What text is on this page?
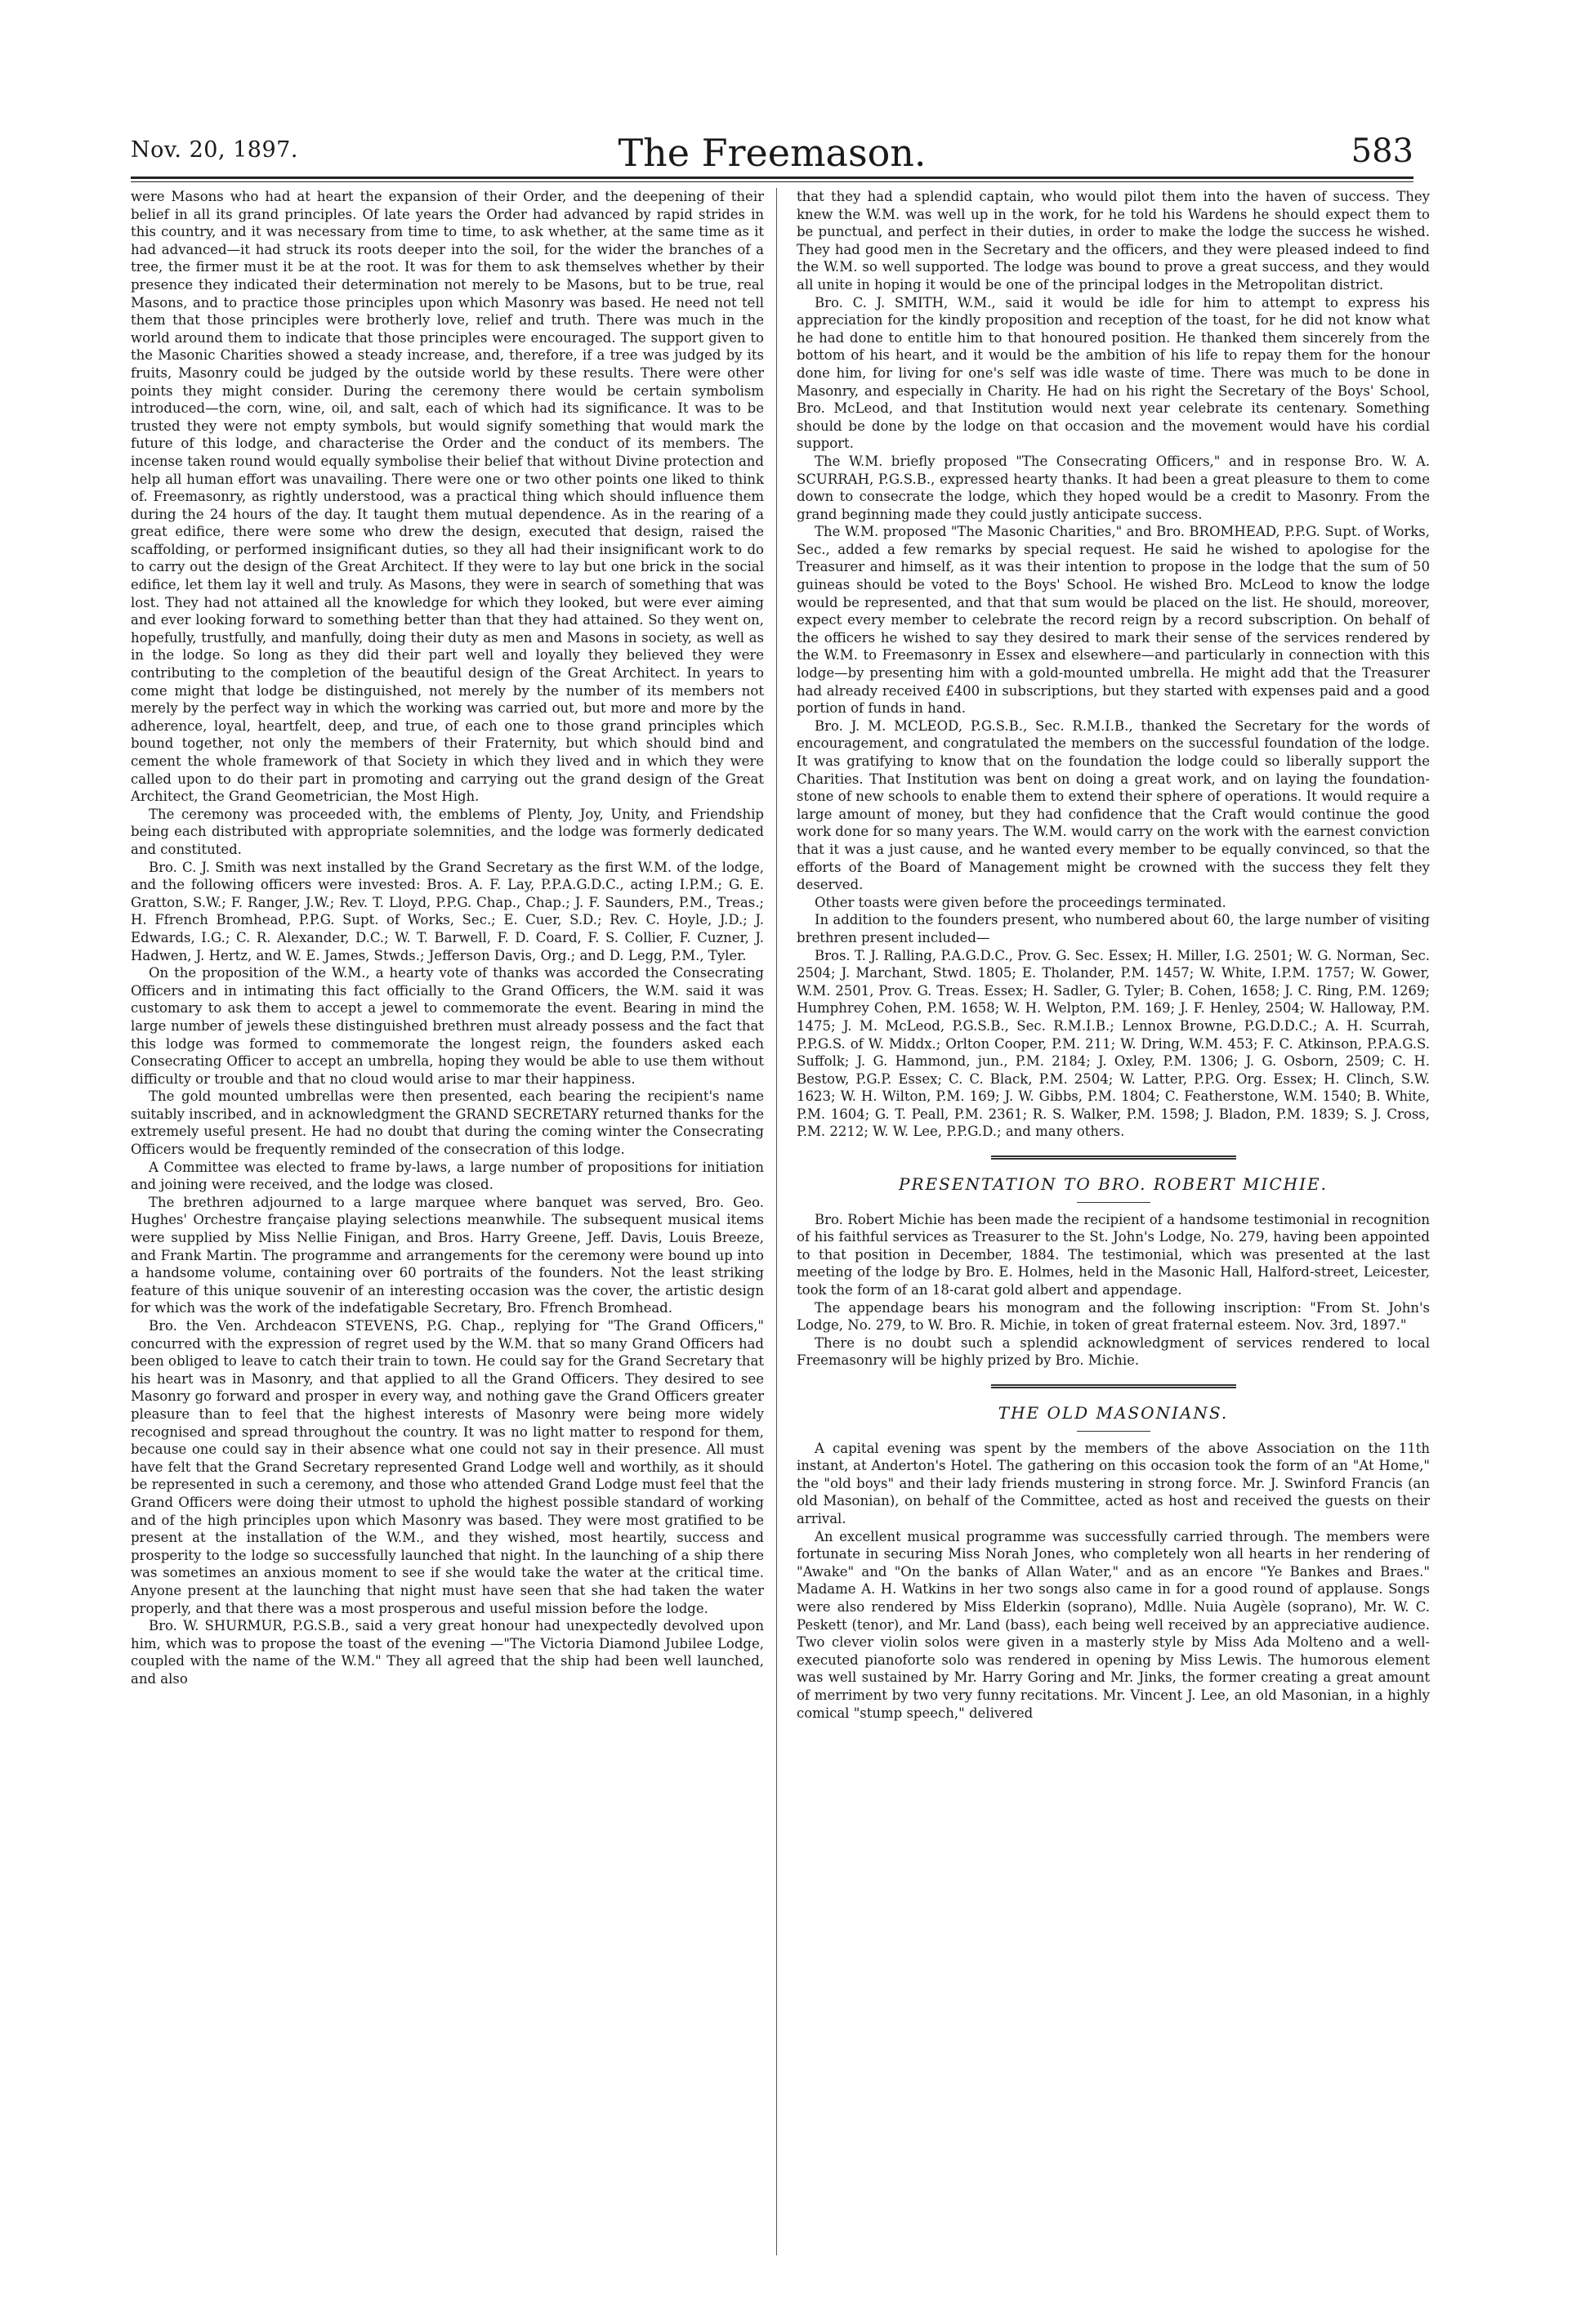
Nov. 20, 1897.	The Freemason.	583

were Masons who had at heart the expansion of their Order, and the deepening of their belief in all its grand principles. Of late years the Order had advanced by rapid strides in this country, and it was necessary from time to time, to ask whether, at the same time as it had advanced—it had struck its roots deeper into the soil, for the wider the branches of a tree, the firmer must it be at the root. It was for them to ask themselves whether by their presence they indicated their determination not merely to be Masons, but to be true, real Masons, and to practice those principles upon which Masonry was based. He need not tell them that those principles were brotherly love, relief and truth. There was much in the world around them to indicate that those principles were encouraged. The support given to the Masonic Charities showed a steady increase, and, therefore, if a tree was judged by its fruits, Masonry could be judged by the outside world by these results. There were other points they might consider. During the ceremony there would be certain symbolism introduced—the corn, wine, oil, and salt, each of which had its significance. It was to be trusted they were not empty symbols, but would signify something that would mark the future of this lodge, and characterise the Order and the conduct of its members. The incense taken round would equally symbolise their belief that without Divine protection and help all human effort was unavailing. There were one or two other points one liked to think of. Freemasonry, as rightly understood, was a practical thing which should influence them during the 24 hours of the day. It taught them mutual dependence. As in the rearing of a great edifice, there were some who drew the design, executed that design, raised the scaffolding, or performed insignificant duties, so they all had their insignificant work to do to carry out the design of the Great Architect. If they were to lay but one brick in the social edifice, let them lay it well and truly. As Masons, they were in search of something that was lost. They had not attained all the knowledge for which they looked, but were ever aiming and ever looking forward to something better than that they had attained. So they went on, hopefully, trustfully, and manfully, doing their duty as men and Masons in society, as well as in the lodge. So long as they did their part well and loyally they believed they were contributing to the completion of the beautiful design of the Great Architect. In years to come might that lodge be distinguished, not merely by the number of its members not merely by the perfect way in which the working was carried out, but more and more by the adherence, loyal, heartfelt, deep, and true, of each one to those grand principles which bound together, not only the members of their Fraternity, but which should bind and cement the whole framework of that Society in which they lived and in which they were called upon to do their part in promoting and carrying out the grand design of the Great Architect, the Grand Geometrician, the Most High.

The ceremony was proceeded with, the emblems of Plenty, Joy, Unity, and Friendship being each distributed with appropriate solemnities, and the lodge was formerly dedicated and constituted.

Bro. C. J. Smith was next installed by the Grand Secretary as the first W.M. of the lodge, and the following officers were invested: Bros. A. F. Lay, P.P.A.G.D.C., acting I.P.M.; G. E. Gratton, S.W.; F. Ranger, J.W.; Rev. T. Lloyd, P.P.G. Chap., Chap.; J. F. Saunders, P.M., Treas.; H. Ffrench Bromhead, P.P.G. Supt. of Works, Sec.; E. Cuer, S.D.; Rev. C. Hoyle, J.D.; J. Edwards, I.G.; C. R. Alexander, D.C.; W. T. Barwell, F. D. Coard, F. S. Collier, F. Cuzner, J. Hadwen, J. Hertz, and W. E. James, Stwds.; Jefferson Davis, Org.; and D. Legg, P.M., Tyler.

On the proposition of the W.M., a hearty vote of thanks was accorded the Consecrating Officers and in intimating this fact officially to the Grand Officers, the W.M. said it was customary to ask them to accept a jewel to commemorate the event. Bearing in mind the large number of jewels these distinguished brethren must already possess and the fact that this lodge was formed to commemorate the longest reign, the founders asked each Consecrating Officer to accept an umbrella, hoping they would be able to use them without difficulty or trouble and that no cloud would arise to mar their happiness.

The gold mounted umbrellas were then presented, each bearing the recipient's name suitably inscribed, and in acknowledgment the GRAND SECRETARY returned thanks for the extremely useful present. He had no doubt that during the coming winter the Consecrating Officers would be frequently reminded of the consecration of this lodge.

A Committee was elected to frame by-laws, a large number of propositions for initiation and joining were received, and the lodge was closed.

The brethren adjourned to a large marquee where banquet was served, Bro. Geo. Hughes' Orchestre française playing selections meanwhile. The subsequent musical items were supplied by Miss Nellie Finigan, and Bros. Harry Greene, Jeff. Davis, Louis Breeze, and Frank Martin. The programme and arrangements for the ceremony were bound up into a handsome volume, containing over 60 portraits of the founders. Not the least striking feature of this unique souvenir of an interesting occasion was the cover, the artistic design for which was the work of the indefatigable Secretary, Bro. Ffrench Bromhead.

Bro. the Ven. Archdeacon STEVENS, P.G. Chap., replying for "The Grand Officers," concurred with the expression of regret used by the W.M. that so many Grand Officers had been obliged to leave to catch their train to town. He could say for the Grand Secretary that his heart was in Masonry, and that applied to all the Grand Officers. They desired to see Masonry go forward and prosper in every way, and nothing gave the Grand Officers greater pleasure than to feel that the highest interests of Masonry were being more widely recognised and spread throughout the country. It was no light matter to respond for them, because one could say in their absence what one could not say in their presence. All must have felt that the Grand Secretary represented Grand Lodge well and worthily, as it should be represented in such a ceremony, and those who attended Grand Lodge must feel that the Grand Officers were doing their utmost to uphold the highest possible standard of working and of the high principles upon which Masonry was based. They were most gratified to be present at the installation of the W.M., and they wished, most heartily, success and prosperity to the lodge so successfully launched that night. In the launching of a ship there was sometimes an anxious moment to see if she would take the water at the critical time. Anyone present at the launching that night must have seen that she had taken the water properly, and that there was a most prosperous and useful mission before the lodge.

Bro. W. SHURMUR, P.G.S.B., said a very great honour had unexpectedly devolved upon him, which was to propose the toast of the evening —"The Victoria Diamond Jubilee Lodge, coupled with the name of the W.M." They all agreed that the ship had been well launched, and also

that they had a splendid captain, who would pilot them into the haven of success. They knew the W.M. was well up in the work, for he told his Wardens he should expect them to be punctual, and perfect in their duties, in order to make the lodge the success he wished. They had good men in the Secretary and the officers, and they were pleased indeed to find the W.M. so well supported. The lodge was bound to prove a great success, and they would all unite in hoping it would be one of the principal lodges in the Metropolitan district.

Bro. C. J. SMITH, W.M., said it would be idle for him to attempt to express his appreciation for the kindly proposition and reception of the toast, for he did not know what he had done to entitle him to that honoured position. He thanked them sincerely from the bottom of his heart, and it would be the ambition of his life to repay them for the honour done him, for living for one's self was idle waste of time. There was much to be done in Masonry, and especially in Charity. He had on his right the Secretary of the Boys' School, Bro. McLeod, and that Institution would next year celebrate its centenary. Something should be done by the lodge on that occasion and the movement would have his cordial support.

The W.M. briefly proposed "The Consecrating Officers," and in response Bro. W. A. SCURRAH, P.G.S.B., expressed hearty thanks. It had been a great pleasure to them to come down to consecrate the lodge, which they hoped would be a credit to Masonry. From the grand beginning made they could justly anticipate success.

The W.M. proposed "The Masonic Charities," and Bro. BROMHEAD, P.P.G. Supt. of Works, Sec., added a few remarks by special request. He said he wished to apologise for the Treasurer and himself, as it was their intention to propose in the lodge that the sum of 50 guineas should be voted to the Boys' School. He wished Bro. McLeod to know the lodge would be represented, and that that sum would be placed on the list. He should, moreover, expect every member to celebrate the record reign by a record subscription. On behalf of the officers he wished to say they desired to mark their sense of the services rendered by the W.M. to Freemasonry in Essex and elsewhere—and particularly in connection with this lodge—by presenting him with a gold-mounted umbrella. He might add that the Treasurer had already received £400 in subscriptions, but they started with expenses paid and a good portion of funds in hand.

Bro. J. M. MCLEOD, P.G.S.B., Sec. R.M.I.B., thanked the Secretary for the words of encouragement, and congratulated the members on the successful foundation of the lodge. It was gratifying to know that on the foundation the lodge could so liberally support the Charities. That Institution was bent on doing a great work, and on laying the foundation-stone of new schools to enable them to extend their sphere of operations. It would require a large amount of money, but they had confidence that the Craft would continue the good work done for so many years. The W.M. would carry on the work with the earnest conviction that it was a just cause, and he wanted every member to be equally convinced, so that the efforts of the Board of Management might be crowned with the success they felt they deserved.

Other toasts were given before the proceedings terminated.

In addition to the founders present, who numbered about 60, the large number of visiting brethren present included—

Bros. T. J. Ralling, P.A.G.D.C., Prov. G. Sec. Essex; H. Miller, I.G. 2501; W. G. Norman, Sec. 2504; J. Marchant, Stwd. 1805; E. Tholander, P.M. 1457; W. White, I.P.M. 1757; W. Gower, W.M. 2501, Prov. G. Treas. Essex; H. Sadler, G. Tyler; B. Cohen, 1658; J. C. Ring, P.M. 1269; Humphrey Cohen, P.M. 1658; W. H. Welpton, P.M. 169; J. F. Henley, 2504; W. Halloway, P.M. 1475; J. M. McLeod, P.G.S.B., Sec. R.M.I.B.; Lennox Browne, P.G.D.D.C.; A. H. Scurrah, P.P.G.S. of W. Middx.; Orlton Cooper, P.M. 211; W. Dring, W.M. 453; F. C. Atkinson, P.P.A.G.S. Suffolk; J. G. Hammond, jun., P.M. 2184; J. Oxley, P.M. 1306; J. G. Osborn, 2509; C. H. Bestow, P.G.P. Essex; C. C. Black, P.M. 2504; W. Latter, P.P.G. Org. Essex; H. Clinch, S.W. 1623; W. H. Wilton, P.M. 169; J. W. Gibbs, P.M. 1804; C. Featherstone, W.M. 1540; B. White, P.M. 1604; G. T. Peall, P.M. 2361; R. S. Walker, P.M. 1598; J. Bladon, P.M. 1839; S. J. Cross, P.M. 2212; W. W. Lee, P.P.G.D.; and many others.

PRESENTATION TO BRO. ROBERT MICHIE.

Bro. Robert Michie has been made the recipient of a handsome testimonial in recognition of his faithful services as Treasurer to the St. John's Lodge, No. 279, having been appointed to that position in December, 1884. The testimonial, which was presented at the last meeting of the lodge by Bro. E. Holmes, held in the Masonic Hall, Halford-street, Leicester, took the form of an 18-carat gold albert and appendage.

The appendage bears his monogram and the following inscription: "From St. John's Lodge, No. 279, to W. Bro. R. Michie, in token of great fraternal esteem. Nov. 3rd, 1897."

There is no doubt such a splendid acknowledgment of services rendered to local Freemasonry will be highly prized by Bro. Michie.

THE OLD MASONIANS.

A capital evening was spent by the members of the above Association on the 11th instant, at Anderton's Hotel. The gathering on this occasion took the form of an "At Home," the "old boys" and their lady friends mustering in strong force. Mr. J. Swinford Francis (an old Masonian), on behalf of the Committee, acted as host and received the guests on their arrival.

An excellent musical programme was successfully carried through. The members were fortunate in securing Miss Norah Jones, who completely won all hearts in her rendering of "Awake" and "On the banks of Allan Water," and as an encore "Ye Bankes and Braes." Madame A. H. Watkins in her two songs also came in for a good round of applause. Songs were also rendered by Miss Elderkin (soprano), Mdlle. Nuia Augèle (soprano), Mr. W. C. Peskett (tenor), and Mr. Land (bass), each being well received by an appreciative audience. Two clever violin solos were given in a masterly style by Miss Ada Molteno and a well-executed pianoforte solo was rendered in opening by Miss Lewis. The humorous element was well sustained by Mr. Harry Goring and Mr. Jinks, the former creating a great amount of merriment by two very funny recitations. Mr. Vincent J. Lee, an old Masonian, in a highly comical "stump speech," delivered
